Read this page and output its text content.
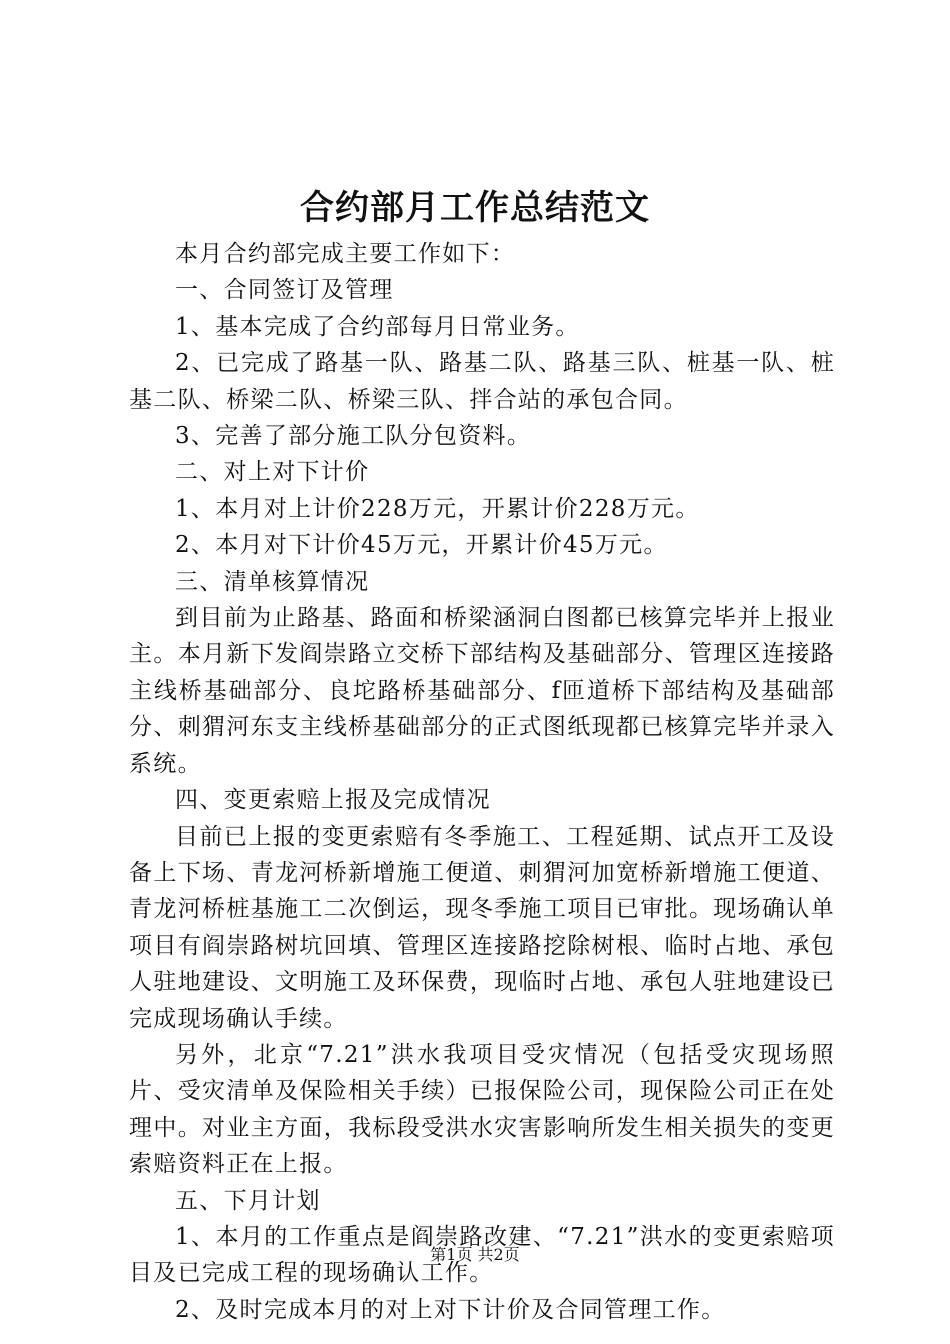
合约部月工作总结范文

本月合约部完成主要工作如下：

一、合同签订及管理

1、基本完成了合约部每月日常业务。

2、已完成了路基一队、路基二队、路基三队、桩基一队、桩基二队、桥梁二队、桥梁三队、拌合站的承包合同。

3、完善了部分施工队分包资料。

二、对上对下计价

1、本月对上计价228万元，开累计价228万元。

2、本月对下计价45万元，开累计价45万元。

三、清单核算情况

到目前为止路基、路面和桥梁涵洞白图都已核算完毕并上报业主。本月新下发阎崇路立交桥下部结构及基础部分、管理区连接路主线桥基础部分、良坨路桥基础部分、f匝道桥下部结构及基础部分、刺猬河东支主线桥基础部分的正式图纸现都已核算完毕并录入系统。

四、变更索赔上报及完成情况

目前已上报的变更索赔有冬季施工、工程延期、试点开工及设备上下场、青龙河桥新增施工便道、刺猬河加宽桥新增施工便道、青龙河桥桩基施工二次倒运，现冬季施工项目已审批。现场确认单项目有阎崇路树坑回填、管理区连接路挖除树根、临时占地、承包人驻地建设、文明施工及环保费，现临时占地、承包人驻地建设已完成现场确认手续。

另外，北京“7.21”洪水我项目受灾情况（包括受灾现场照片、受灾清单及保险相关手续）已报保险公司，现保险公司正在处理中。对业主方面，我标段受洪水灾害影响所发生相关损失的变更索赔资料正在上报。

五、下月计划

1、本月的工作重点是阎崇路改建、“7.21”洪水的变更索赔项目及已完成工程的现场确认工作。

2、及时完成本月的对上对下计价及合同管理工作。

第1页 共2页
